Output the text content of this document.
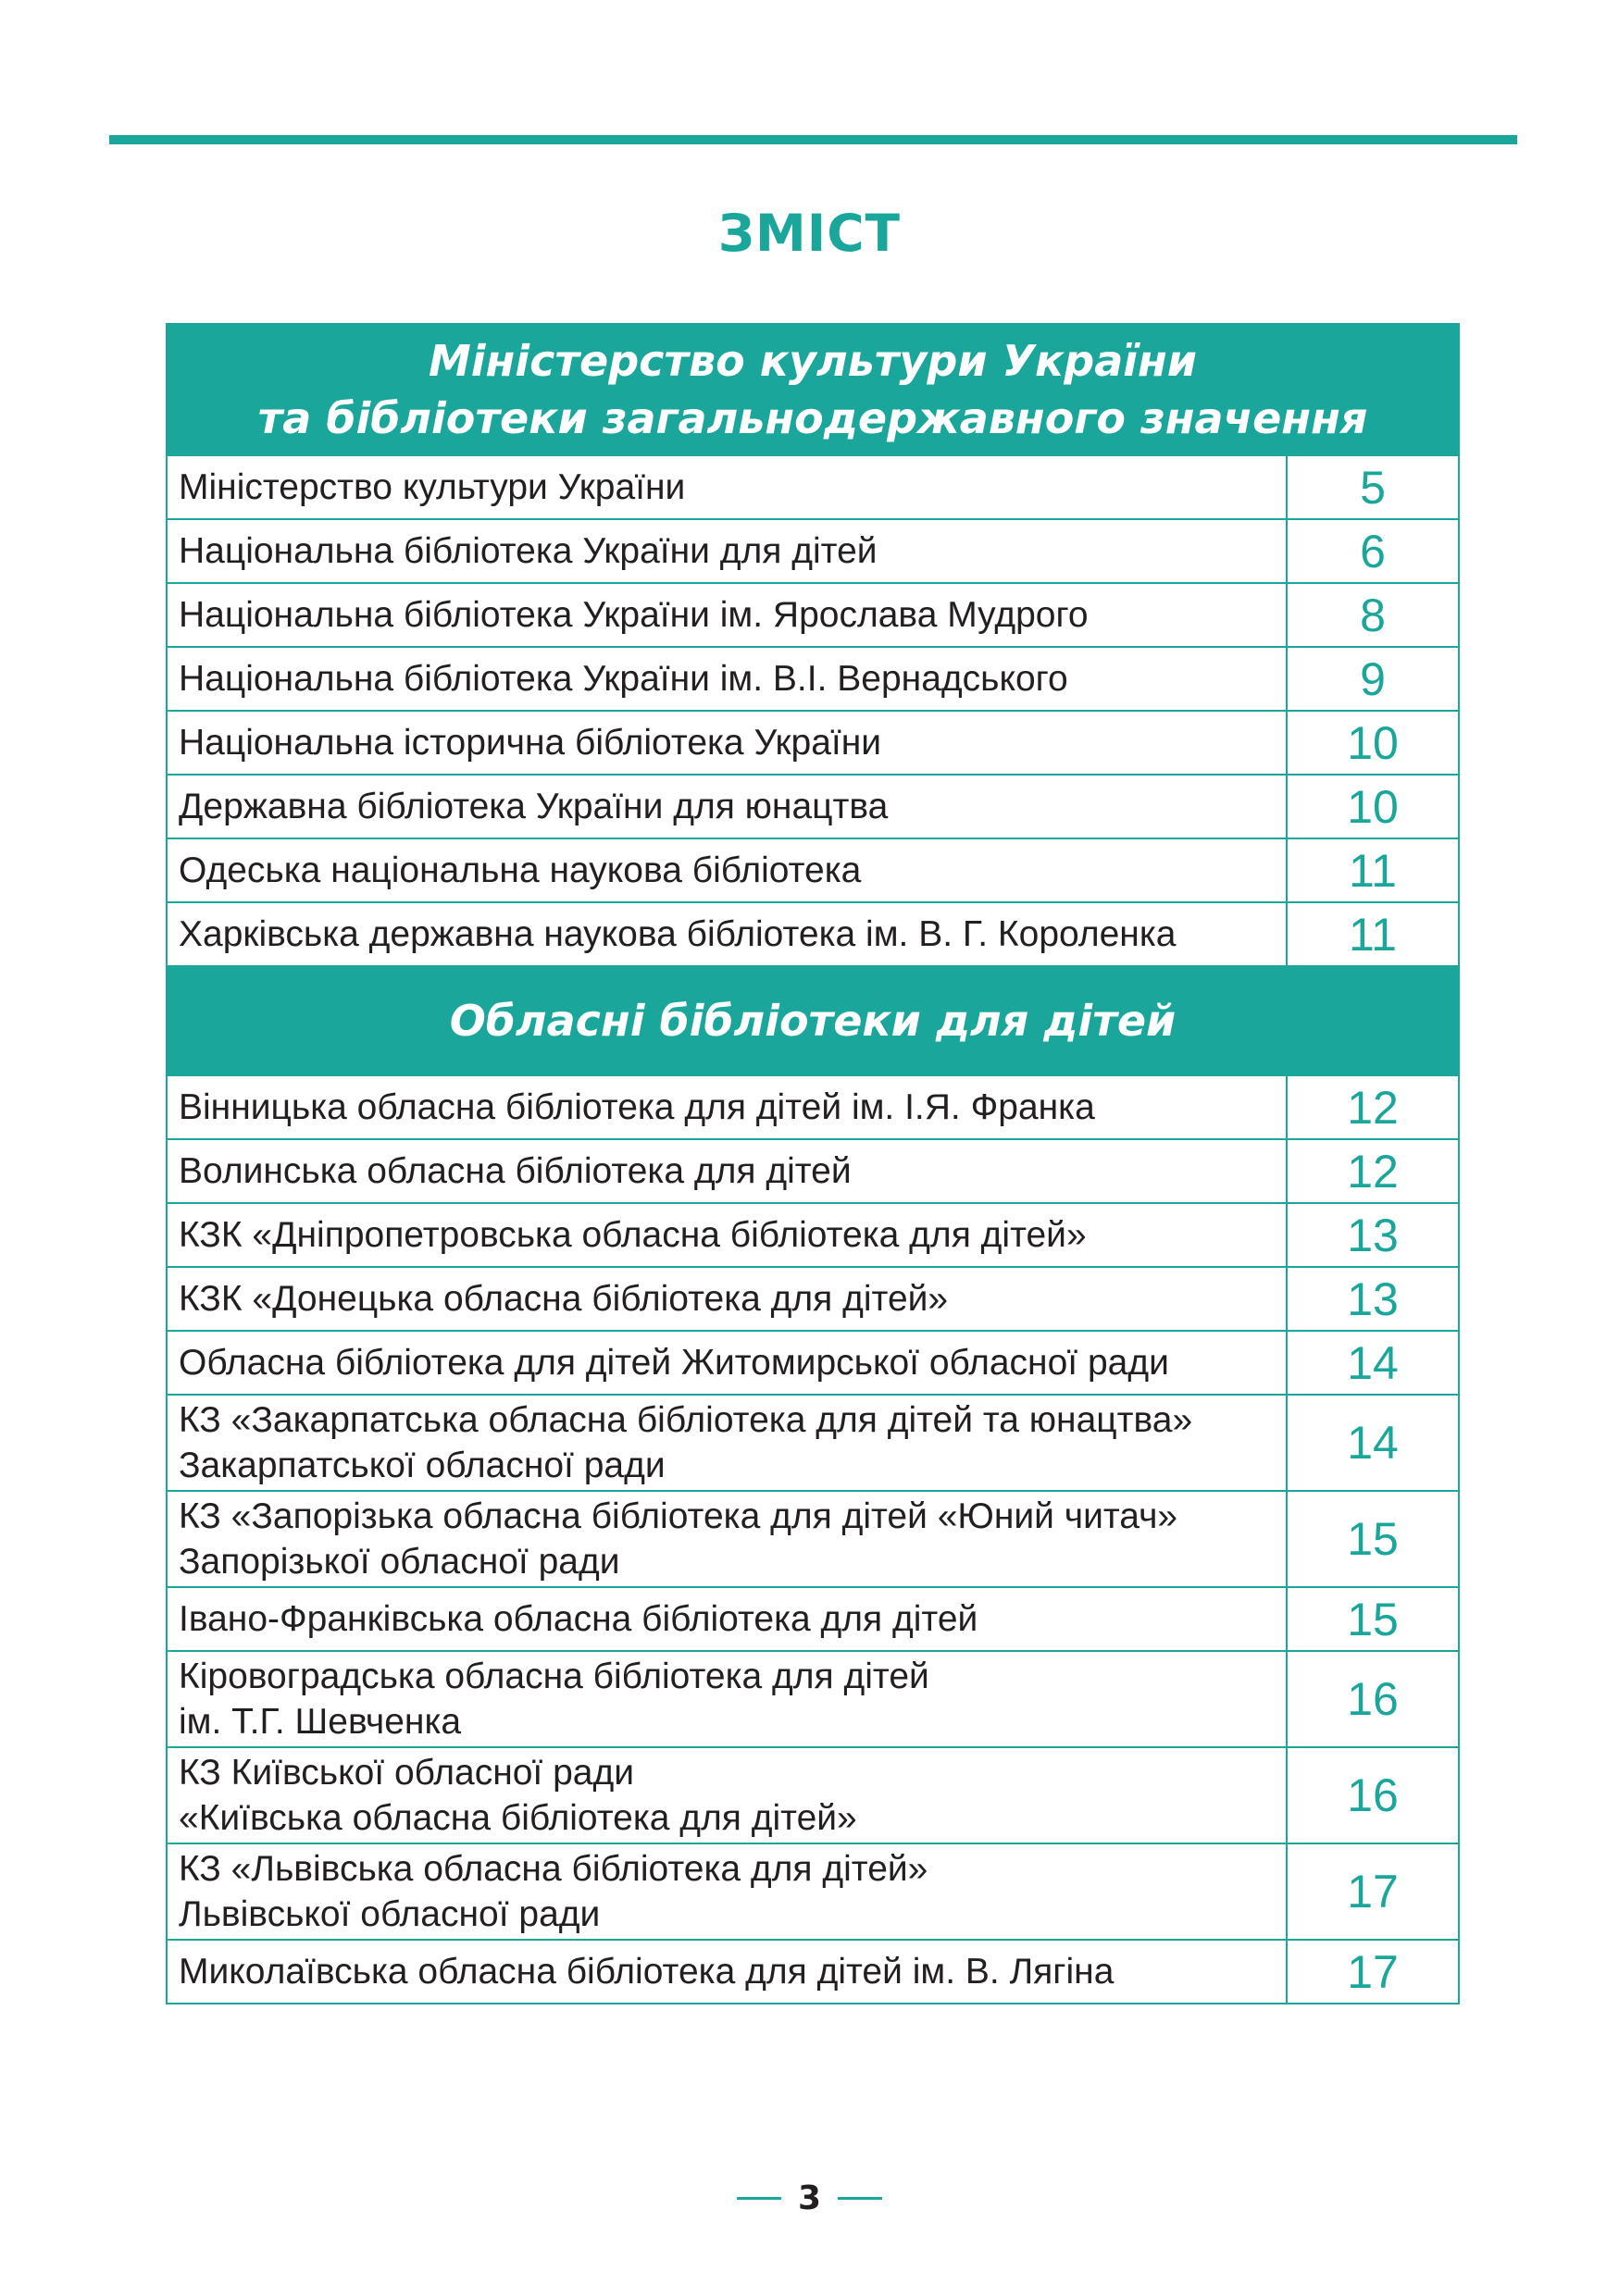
ЗМІСТ
Міністерство культури України
та бібліотеки загальнодержавного значення	

Міністерство культури України	5
Національна бібліотека України для дітей	6
Національна бібліотека України ім. Ярослава Мудрого	8
Національна бібліотека України ім. В.І. Вернадського	9
Національна історична бібліотека України	10
Державна бібліотека України для юнацтва	10
Одеська національна наукова бібліотека	11
Харківська державна наукова бібліотека ім. В. Г. Короленка	11

Обласні бібліотеки для дітей	

Вінницька обласна бібліотека для дітей ім. І.Я. Франка	12
Волинська обласна бібліотека для дітей	12
КЗК «Дніпропетровська обласна бібліотека для дітей»	13
КЗК «Донецька обласна бібліотека для дітей»	13
Обласна бібліотека для дітей Житомирської обласної ради	14

КЗ «Закарпатська обласна бібліотека для дітей та юнацтва»
Закарпатської обласної ради	14

КЗ «Запорізька обласна бібліотека для дітей «Юний читач»
Запорізької обласної ради	15
Івано-Франківська обласна бібліотека для дітей	15

Кіровоградська обласна бібліотека для дітей
ім. Т.Г. Шевченка	16

КЗ Київської обласної ради
«Київська обласна бібліотека для дітей»	16

КЗ «Львівська обласна бібліотека для дітей»
Львівської обласної ради	17
Миколаївська обласна бібліотека для дітей ім. В. Лягіна	17
3
